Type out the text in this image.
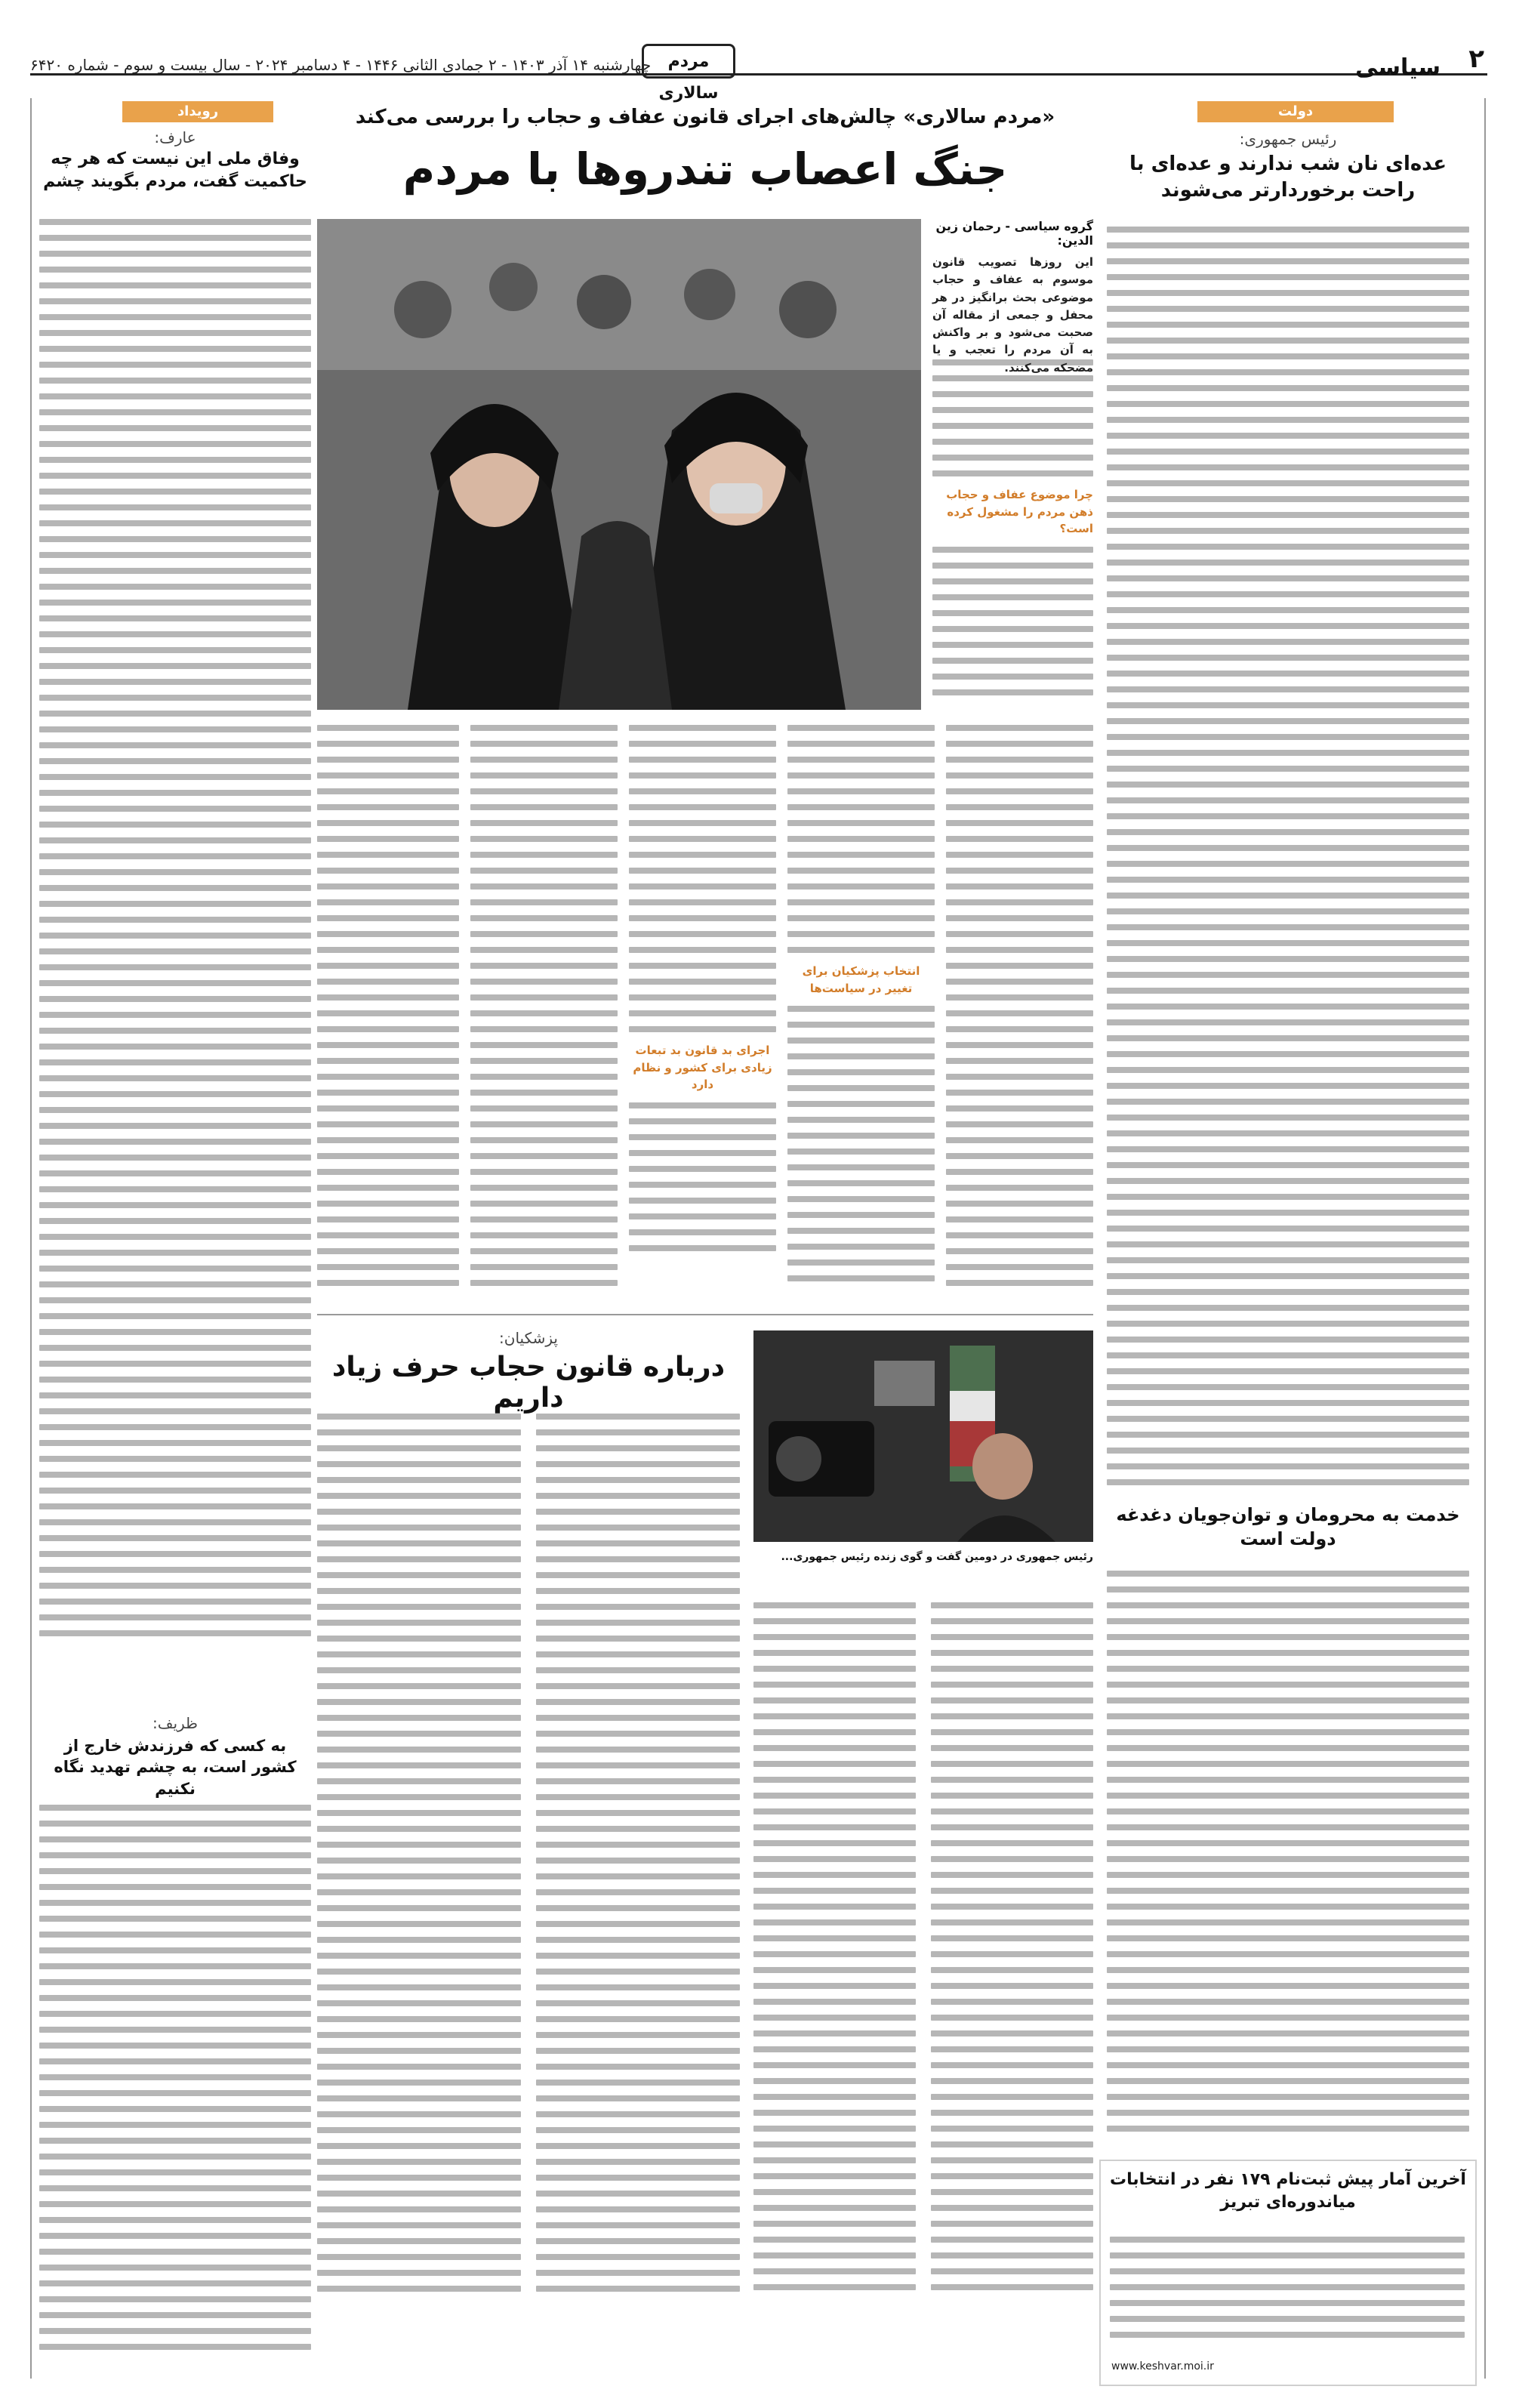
۲
سیاسی
مردم سالاری
چهارشنبه ۱۴ آذر ۱۴۰۳ - ۲ جمادی الثانی ۱۴۴۶ - ۴ دسامبر ۲۰۲۴ - سال بیست و سوم - شماره ۶۴۲۰
دولت
رئیس جمهوری:
عده‌ای نان شب ندارند و عده‌ای با راحت برخوردارتر می‌شوند
خدمت به محرومان و توان‌جویان دغدغه دولت است
آخرین آمار پیش ثبت‌نام ۱۷۹ نفر در انتخابات میاندوره‌ای تبریز
www.keshvar.moi.ir
رویداد
عارف:
وفاق ملی این نیست که هر چه حاکمیت گفت، مردم بگویند چشم
ظریف:
به کسی که فرزندش خارج از کشور است، به چشم تهدید نگاه نکنیم
«مردم سالاری» چالش‌های اجرای قانون عفاف و حجاب را بررسی می‌کند
جنگ اعصاب تندروها با مردم
گروه سیاسی - رحمان زین الدین:
این روزها تصویب قانون موسوم به عفاف و حجاب موضوعی بحث برانگیز در هر محفل و جمعی از مقاله آن صحبت می‌شود و بر واکنش به آن مردم را تعجب و یا مضحکه می‌کنند.
چرا موضوع عفاف و حجاب ذهن مردم را مشغول کرده است؟
انتخاب پزشکیان برای تغییر در سیاست‌ها
اجرای بد قانون بد تبعات زیادی برای کشور و نظام دارد
پزشکیان:
درباره قانون حجاب حرف زیاد داریم
رئیس جمهوری در دومین گفت و گوی زنده رئیس جمهوری...
